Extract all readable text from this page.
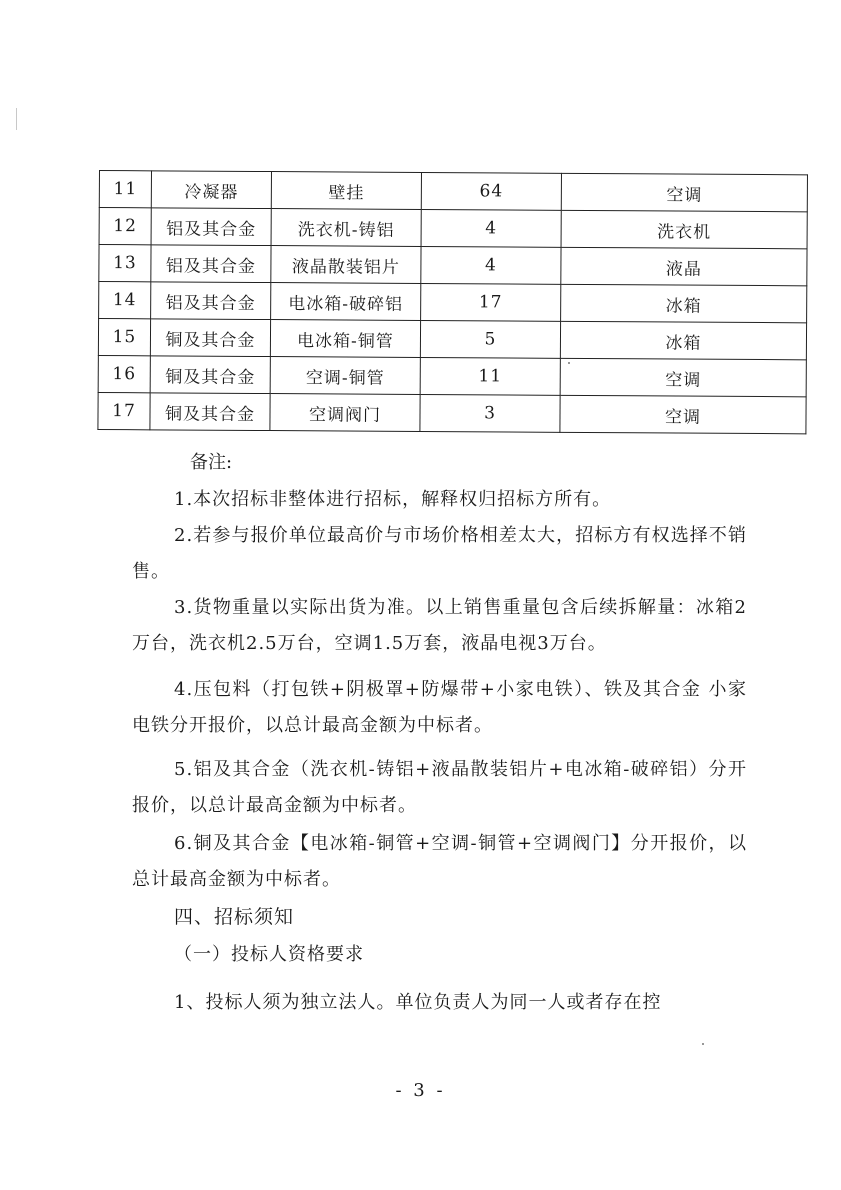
11	冷凝器	壁挂	64	空调
12	铝及其合金	洗衣机-铸铝	4	洗衣机
13	铝及其合金	液晶散装铝片	4	液晶
14	铝及其合金	电冰箱-破碎铝	17	冰箱
15	铜及其合金	电冰箱-铜管	5	冰箱
16	铜及其合金	空调-铜管	11	空调
17	铜及其合金	空调阀门	3	空调
备注:
1.本次招标非整体进行招标，解释权归招标方所有。
2.若参与报价单位最高价与市场价格相差太大，招标方有权选择不销售。
3.货物重量以实际出货为准。以上销售重量包含后续拆解量：冰箱2万台，洗衣机2.5万台，空调1.5万套，液晶电视3万台。
4.压包料（打包铁+阴极罩+防爆带+小家电铁）、铁及其合金 小家电铁分开报价，以总计最高金额为中标者。
5.铝及其合金（洗衣机-铸铝+液晶散装铝片+电冰箱-破碎铝）分开报价，以总计最高金额为中标者。
6.铜及其合金【电冰箱-铜管+空调-铜管+空调阀门】分开报价，以总计最高金额为中标者。
四、招标须知
（一）投标人资格要求
1、投标人须为独立法人。单位负责人为同一人或者存在控
- 3 -
